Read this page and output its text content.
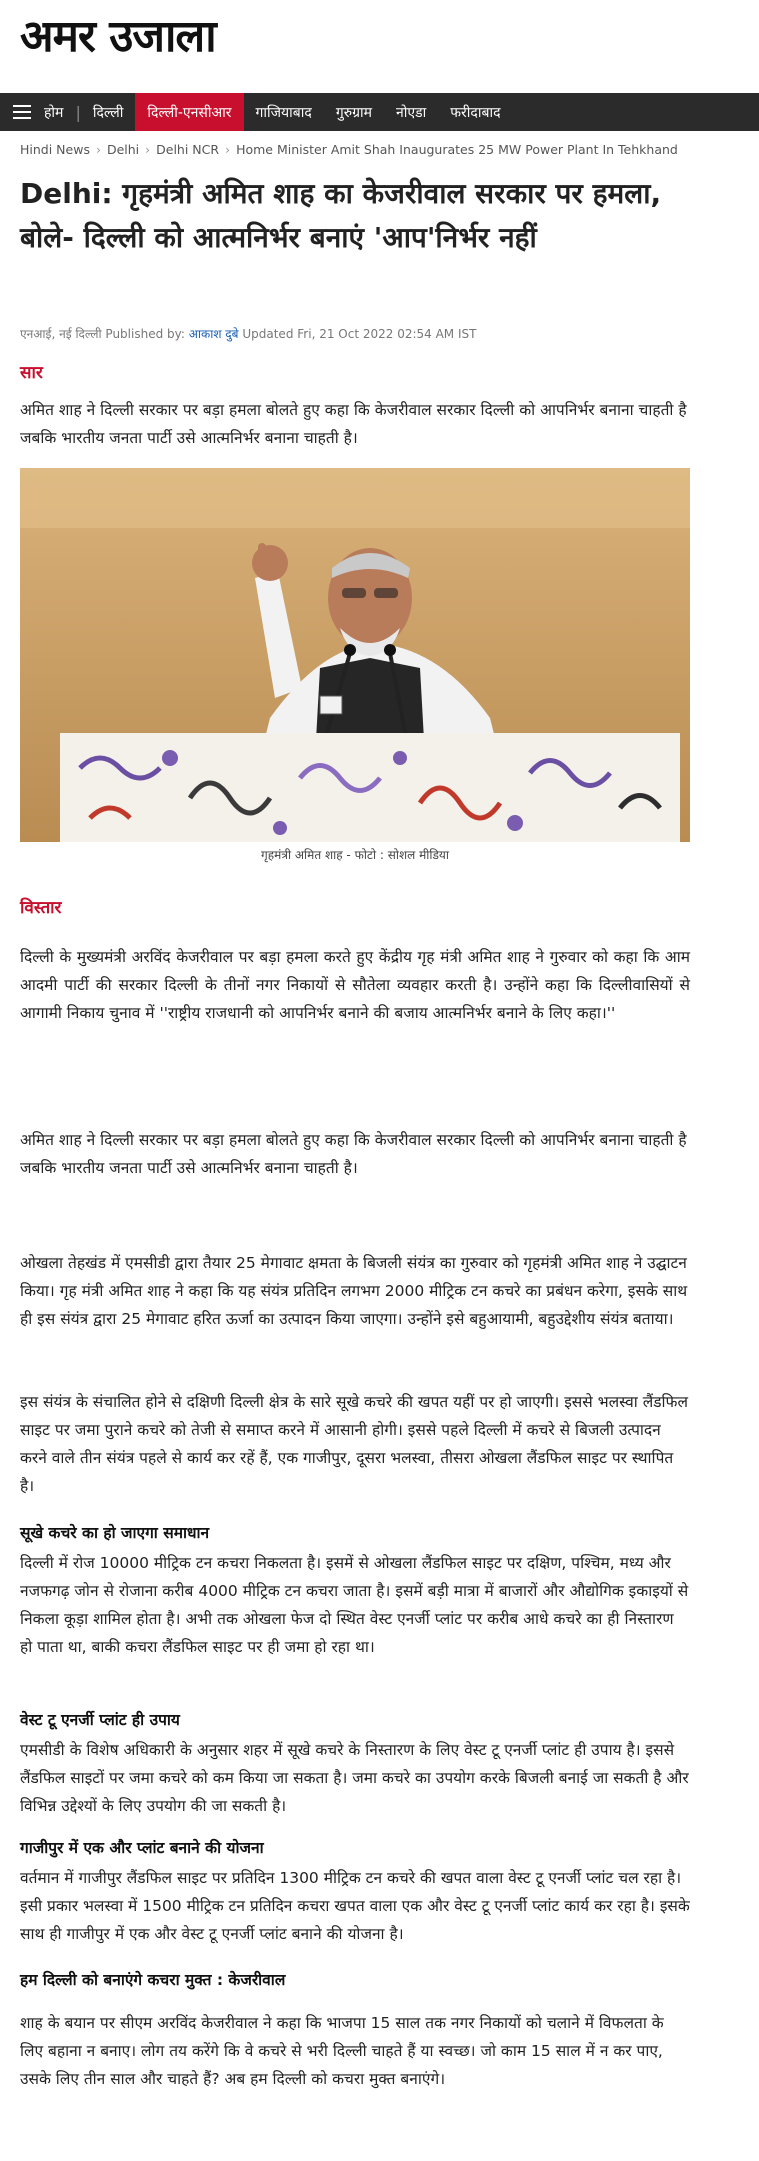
अमर उजाला
होम | दिल्ली	दिल्ली-एनसीआर	गाजियाबाद	गुरुग्राम	नोएडा	फरीदाबाद
Hindi News › Delhi › Delhi NCR › Home Minister Amit Shah Inaugurates 25 MW Power Plant In Tehkhand
Delhi: गृहमंत्री अमित शाह का केजरीवाल सरकार पर हमला, बोले- दिल्ली को आत्मनिर्भर बनाएं 'आप'निर्भर नहीं
एनआई, नई दिल्ली Published by: आकाश दुबे Updated Fri, 21 Oct 2022 02:54 AM IST
सार

अमित शाह ने दिल्ली सरकार पर बड़ा हमला बोलते हुए कहा कि केजरीवाल सरकार दिल्ली को आपनिर्भर बनाना चाहती है जबकि भारतीय जनता पार्टी उसे आत्मनिर्भर बनाना चाहती है।

गृहमंत्री अमित शाह - फोटो : सोशल मीडिया
विस्तार

दिल्ली के मुख्यमंत्री अरविंद केजरीवाल पर बड़ा हमला करते हुए केंद्रीय गृह मंत्री अमित शाह ने गुरुवार को कहा कि आम आदमी पार्टी की सरकार दिल्ली के तीनों नगर निकायों से सौतेला व्यवहार करती है। उन्होंने कहा कि दिल्लीवासियों से आगामी निकाय चुनाव में ''राष्ट्रीय राजधानी को आपनिर्भर बनाने की बजाय आत्मनिर्भर बनाने के लिए कहा।''

अमित शाह ने दिल्ली सरकार पर बड़ा हमला बोलते हुए कहा कि केजरीवाल सरकार दिल्ली को आपनिर्भर बनाना चाहती है जबकि भारतीय जनता पार्टी उसे आत्मनिर्भर बनाना चाहती है।

ओखला तेहखंड में एमसीडी द्वारा तैयार 25 मेगावाट क्षमता के बिजली संयंत्र का गुरुवार को गृहमंत्री अमित शाह ने उद्घाटन किया। गृह मंत्री अमित शाह ने कहा कि यह संयंत्र प्रतिदिन लगभग 2000 मीट्रिक टन कचरे का प्रबंधन करेगा, इसके साथ ही इस संयंत्र द्वारा 25 मेगावाट हरित ऊर्जा का उत्पादन किया जाएगा। उन्होंने इसे बहुआयामी, बहुउद्देशीय संयंत्र बताया।

इस संयंत्र के संचालित होने से दक्षिणी दिल्ली क्षेत्र के सारे सूखे कचरे की खपत यहीं पर हो जाएगी। इससे भलस्वा लैंडफिल साइट पर जमा पुराने कचरे को तेजी से समाप्त करने में आसानी होगी। इससे पहले दिल्ली में कचरे से बिजली उत्पादन करने वाले तीन संयंत्र पहले से कार्य कर रहें हैं, एक गाजीपुर, दूसरा भलस्वा, तीसरा ओखला लैंडफिल साइट पर स्थापित है।

सूखे कचरे का हो जाएगा समाधान

दिल्ली में रोज 10000 मीट्रिक टन कचरा निकलता है। इसमें से ओखला लैंडफिल साइट पर दक्षिण, पश्चिम, मध्य और नजफगढ़ जोन से रोजाना करीब 4000 मीट्रिक टन कचरा जाता है। इसमें बड़ी मात्रा में बाजारों और औद्योगिक इकाइयों से निकला कूड़ा शामिल होता है। अभी तक ओखला फेज दो स्थित वेस्ट एनर्जी प्लांट पर करीब आधे कचरे का ही निस्तारण हो पाता था, बाकी कचरा लैंडफिल साइट पर ही जमा हो रहा था।

वेस्ट टू एनर्जी प्लांट ही उपाय

एमसीडी के विशेष अधिकारी के अनुसार शहर में सूखे कचरे के निस्तारण के लिए वेस्ट टू एनर्जी प्लांट ही उपाय है। इससे लैंडफिल साइटों पर जमा कचरे को कम किया जा सकता है। जमा कचरे का उपयोग करके बिजली बनाई जा सकती है और विभिन्न उद्देश्यों के लिए उपयोग की जा सकती है।

गाजीपुर में एक और प्लांट बनाने की योजना

वर्तमान में गाजीपुर लैंडफिल साइट पर प्रतिदिन 1300 मीट्रिक टन कचरे की खपत वाला वेस्ट टू एनर्जी प्लांट चल रहा है। इसी प्रकार भलस्वा में 1500 मीट्रिक टन प्रतिदिन कचरा खपत वाला एक और वेस्ट टू एनर्जी प्लांट कार्य कर रहा है। इसके साथ ही गाजीपुर में एक और वेस्ट टू एनर्जी प्लांट बनाने की योजना है।

हम दिल्ली को बनाएंगे कचरा मुक्त : केजरीवाल

शाह के बयान पर सीएम अरविंद केजरीवाल ने कहा कि भाजपा 15 साल तक नगर निकायों को चलाने में विफलता के लिए बहाना न बनाए। लोग तय करेंगे कि वे कचरे से भरी दिल्ली चाहते हैं या स्वच्छ। जो काम 15 साल में न कर पाए, उसके लिए तीन साल और चाहते हैं? अब हम दिल्ली को कचरा मुक्त बनाएंगे।
